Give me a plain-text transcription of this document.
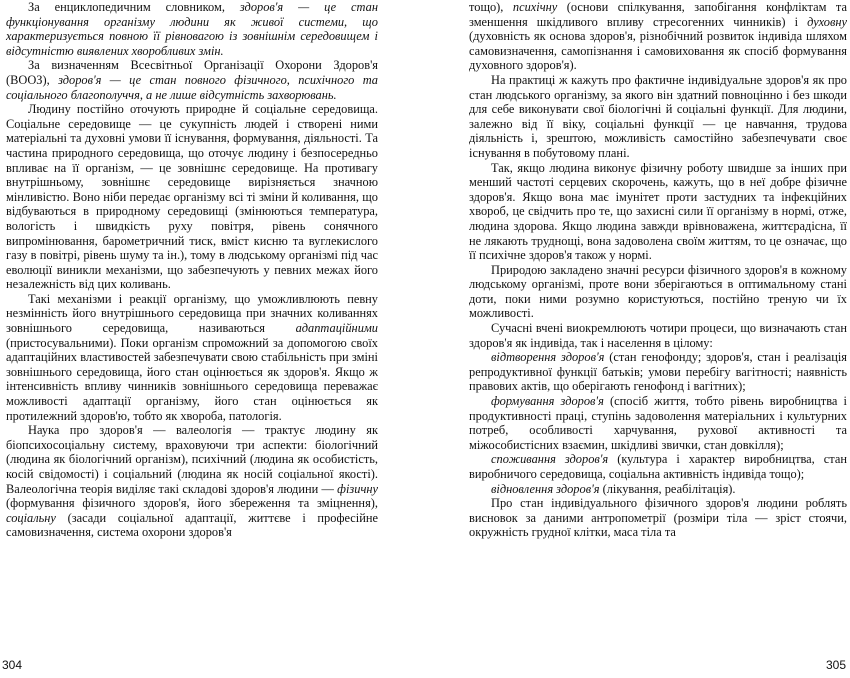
За енциклопедичним словником, здоров'я — це стан функціонування організму людини як живої системи, що характеризується повною її рівновагою із зовнішнім середовищем і відсутністю виявлених хворобливих змін.

За визначенням Всесвітньої Організації Охорони Здоров'я (ВООЗ), здоров'я — це стан повного фізичного, психічного та соціального благополуччя, а не лише відсутність захворювань.

Людину постійно оточують природне й соціальне середовища. Соціальне середовище — це сукупність людей і створені ними матеріальні та духовні умови її існування, формування, діяльності. Та частина природного середовища, що оточує людину і безпосередньо впливає на її організм, — це зовнішнє середовище. На противагу внутрішньому, зовнішнє середовище вирізняється значною мінливістю. Воно ніби передає організму всі ті зміни й коливання, що відбуваються в природному середовищі (змінюються температура, вологість і швидкість руху повітря, рівень сонячного випромінювання, барометричний тиск, вміст кисню та вуглекислого газу в повітрі, рівень шуму та ін.), тому в людському організмі під час еволюції виникли механізми, що забезпечують у певних межах його незалежність від цих коливань.

Такі механізми і реакції організму, що уможливлюють певну незмінність його внутрішнього середовища при значних коливаннях зовнішнього середовища, називаються адаптаційними (пристосувальними). Поки організм спроможний за допомогою своїх адаптаційних властивостей забезпечувати свою стабільність при зміні зовнішнього середовища, його стан оцінюється як здоров'я. Якщо ж інтенсивність впливу чинників зовнішнього середовища переважає можливості адаптації організму, його стан оцінюється як протилежний здоров'ю, тобто як хвороба, патологія.

Наука про здоров'я — валеологія — трактує людину як біопсихосоціальну систему, враховуючи три аспекти: біологічний (людина як біологічний організм), психічний (людина як особистість, косій свідомості) і соціальний (людина як носій соціальної якості). Валеологічна теорія виділяє такі складові здоров'я людини — фізичну (формування фізичного здоров'я, його збереження та зміцнення), соціальну (засади соціальної адаптації, життєве і професійне самовизначення, система охорони здоров'я

304

тощо), психічну (основи спілкування, запобігання конфліктам та зменшення шкідливого впливу стресогенних чинників) і духовну (духовність як основа здоров'я, різнобічний розвиток індивіда шляхом самовизначення, самопізнання і самовиховання як спосіб формування духовного здоров'я).

На практиці ж кажуть про фактичне індивідуальне здоров'я як про стан людського організму, за якого він здатний повноцінно і без шкоди для себе виконувати свої біологічні й соціальні функції. Для людини, залежно від її віку, соціальні функції — це навчання, трудова діяльність і, зрештою, можливість самостійно забезпечувати своє існування в побутовому плані.

Так, якщо людина виконує фізичну роботу швидше за інших при менший частоті серцевих скорочень, кажуть, що в неї добре фізичне здоров'я. Якщо вона має імунітет проти застудних та інфекційних хвороб, це свідчить про те, що захисні сили її організму в нормі, отже, людина здорова. Якщо людина завжди врівноважена, життєрадісна, її не лякають труднощі, вона задоволена своїм життям, то це означає, що її психічне здоров'я також у нормі.

Природою закладено значні ресурси фізичного здоров'я в кожному людському організмі, проте вони зберігаються в оптимальному стані доти, поки ними розумно користуються, постійно треную чи їх можливості.

Сучасні вчені виокремлюють чотири процеси, що визначають стан здоров'я як індивіда, так і населення в цілому:

відтворення здоров'я (стан генофонду; здоров'я, стан і реалізація репродуктивної функції батьків; умови перебігу вагітності; наявність правових актів, що оберігають генофонд і вагітних);

формування здоров'я (спосіб життя, тобто рівень виробництва і продуктивності праці, ступінь задоволення матеріальних і культурних потреб, особливості харчування, рухової активності та міжособистісних взаємин, шкідливі звички, стан довкілля);

споживання здоров'я (культура і характер виробництва, стан виробничого середовища, соціальна активність індивіда тощо);

відновлення здоров'я (лікування, реабілітація).

Про стан індивідуального фізичного здоров'я людини роблять висновок за даними антропометрії (розміри тіла — зріст стоячи, окружність грудної клітки, маса тіла та

305
